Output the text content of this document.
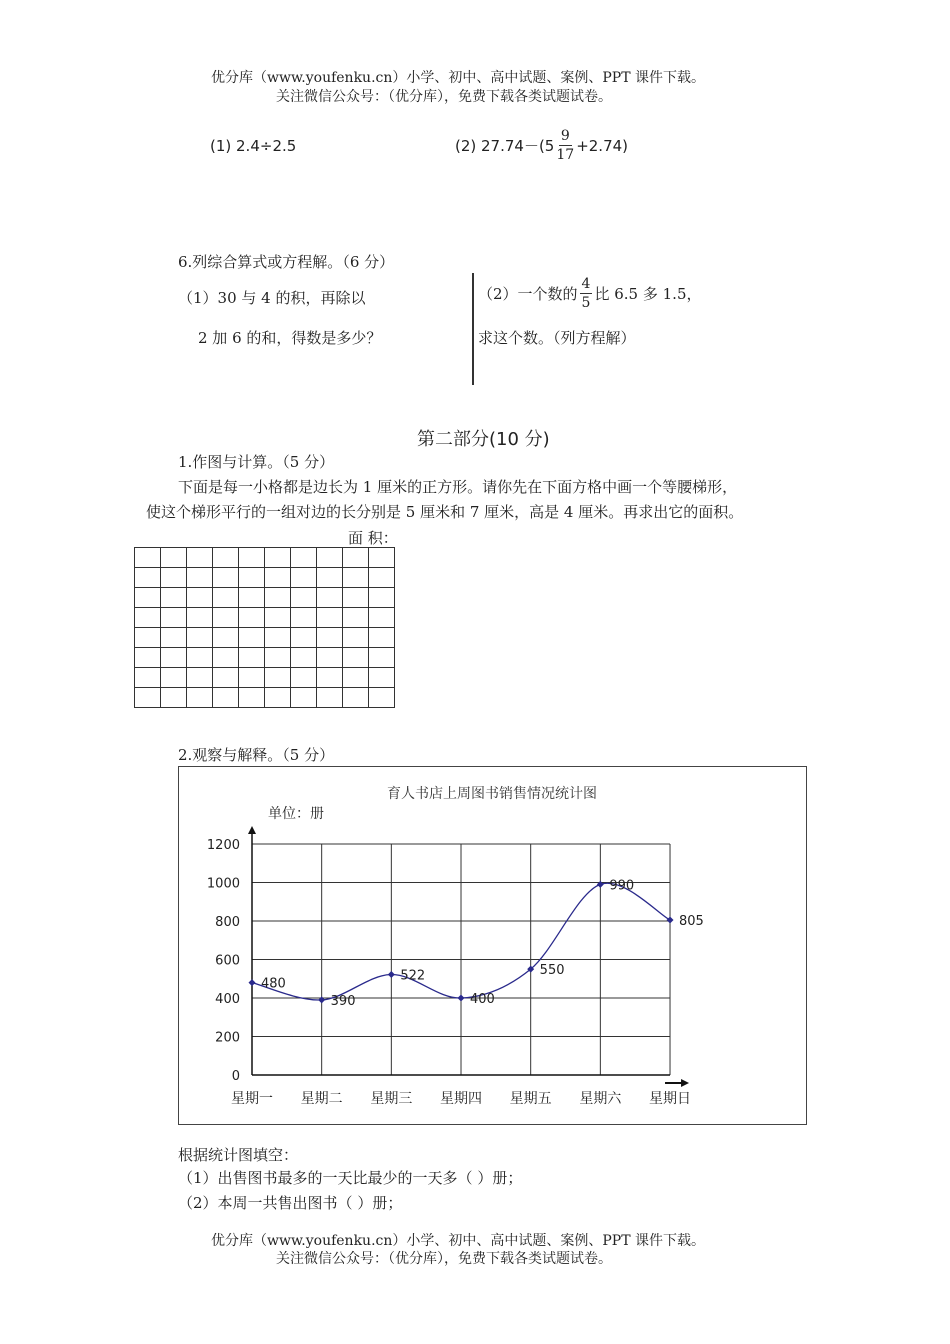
优分库（www.youfenku.cn）小学、初中、高中试题、案例、PPT 课件下载。
关注微信公众号：（优分库），免费下载各类试题试卷。
(1) 2.4÷2.5	(2) $27.74-(5 \frac{9}{17} +2.74)$
6.列综合算式或方程解。（6 分）
（1）30 与 4 的积，再除以
2 加 6 的和，得数是多少？
（2）一个数的 $\frac{4}{5}$ 比 6.5 多 1.5，
求这个数。（列方程解）
第二部分(10 分)
1.作图与计算。（5 分）
下面是每一小格都是边长为 1 厘米的正方形。请你先在下面方格中画一个等腰梯形，
使这个梯形平行的一组对边的长分别是 5 厘米和 7 厘米，高是 4 厘米。再求出它的面积。
面 积：

2.观察与解释。（5 分）
育人书店上周图书销售情况统计图
单位：册
0
200
400
600
800
1000
1200
星期一 星期二 星期三 星期四 星期五 星期六 星期日
480
390
522
400
550
990
805
根据统计图填空：
（1）出售图书最多的一天比最少的一天多（ ）册；
（2）本周一共售出图书（ ）册；
优分库（www.youfenku.cn）小学、初中、高中试题、案例、PPT 课件下载。
关注微信公众号：（优分库），免费下载各类试题试卷。
